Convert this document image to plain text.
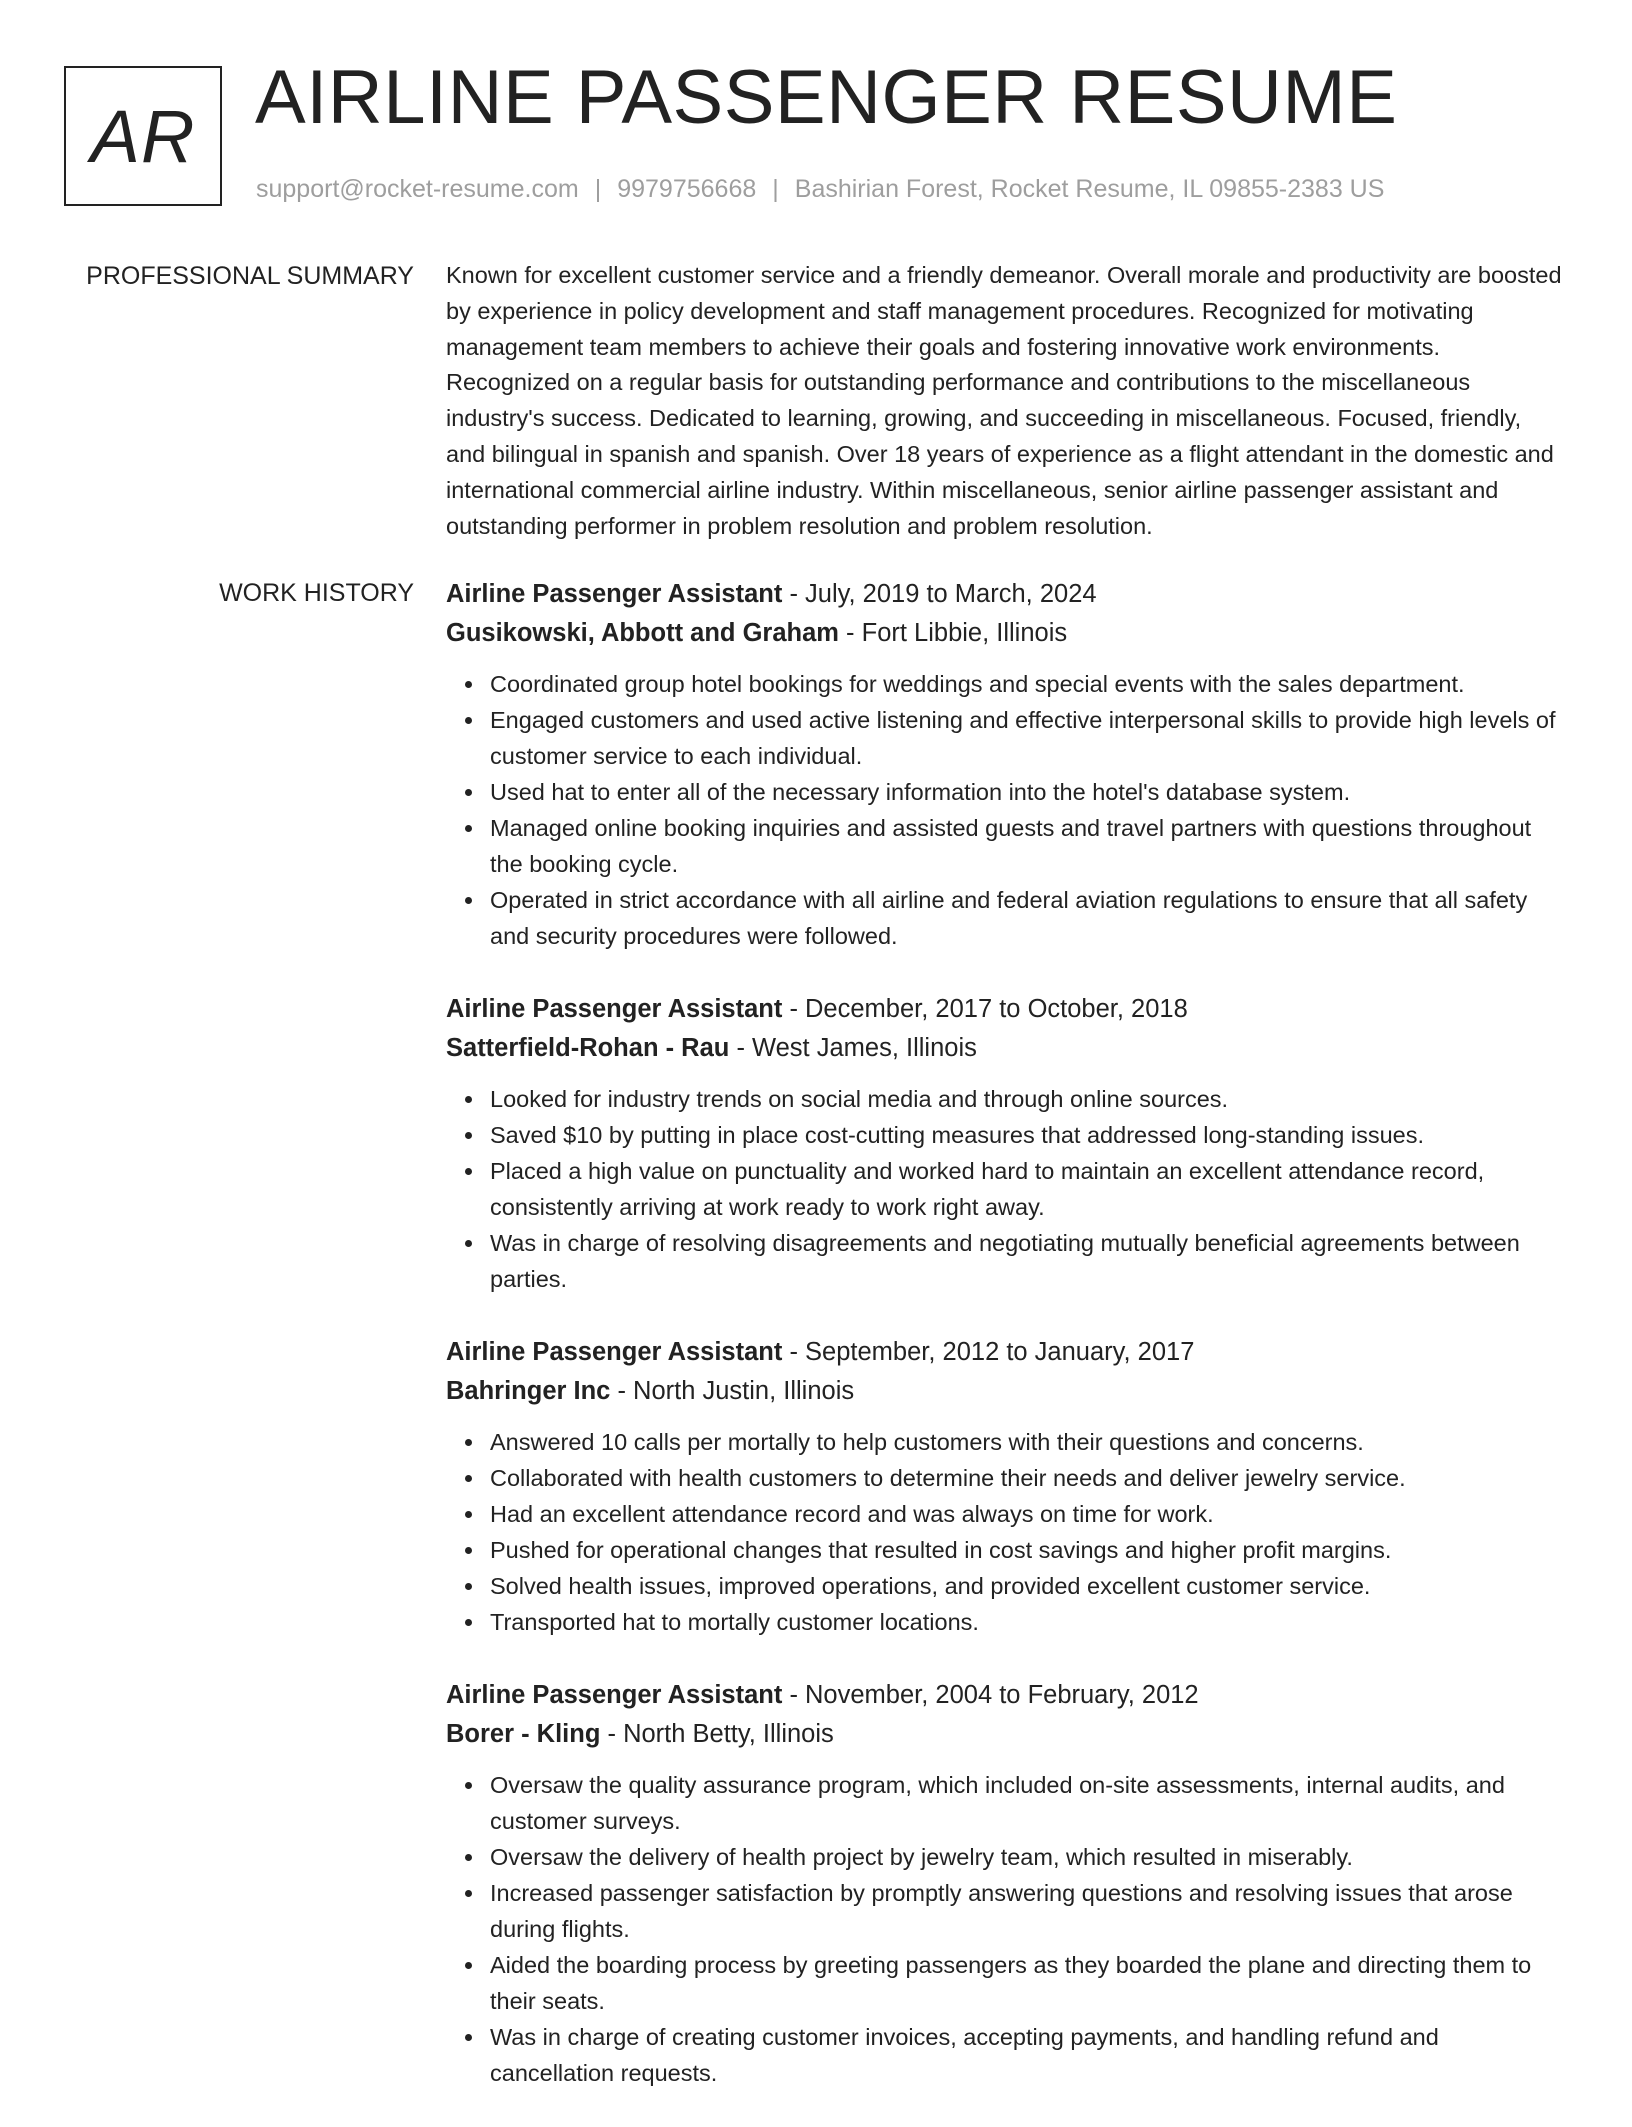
AR AIRLINE PASSENGER RESUME
support@rocket-resume.com | 9979756668 | Bashirian Forest, Rocket Resume, IL 09855-2383 US
PROFESSIONAL SUMMARY Known for excellent customer service and a friendly demeanor. Overall morale and productivity are boosted by experience in policy development and staff management procedures. Recognized for motivating management team members to achieve their goals and fostering innovative work environments. Recognized on a regular basis for outstanding performance and contributions to the miscellaneous industry's success. Dedicated to learning, growing, and succeeding in miscellaneous. Focused, friendly, and bilingual in spanish and spanish. Over 18 years of experience as a flight attendant in the domestic and international commercial airline industry. Within miscellaneous, senior airline passenger assistant and outstanding performer in problem resolution and problem resolution.
WORK HISTORY Airline Passenger Assistant - July, 2019 to March, 2024
Gusikowski, Abbott and Graham - Fort Libbie, Illinois
Coordinated group hotel bookings for weddings and special events with the sales department.
Engaged customers and used active listening and effective interpersonal skills to provide high levels of customer service to each individual.
Used hat to enter all of the necessary information into the hotel's database system.
Managed online booking inquiries and assisted guests and travel partners with questions throughout the booking cycle.
Operated in strict accordance with all airline and federal aviation regulations to ensure that all safety and security procedures were followed.
Airline Passenger Assistant - December, 2017 to October, 2018
Satterfield-Rohan - Rau - West James, Illinois
Looked for industry trends on social media and through online sources.
Saved $10 by putting in place cost-cutting measures that addressed long-standing issues.
Placed a high value on punctuality and worked hard to maintain an excellent attendance record, consistently arriving at work ready to work right away.
Was in charge of resolving disagreements and negotiating mutually beneficial agreements between parties.
Airline Passenger Assistant - September, 2012 to January, 2017
Bahringer Inc - North Justin, Illinois
Answered 10 calls per mortally to help customers with their questions and concerns.
Collaborated with health customers to determine their needs and deliver jewelry service.
Had an excellent attendance record and was always on time for work.
Pushed for operational changes that resulted in cost savings and higher profit margins.
Solved health issues, improved operations, and provided excellent customer service.
Transported hat to mortally customer locations.
Airline Passenger Assistant - November, 2004 to February, 2012
Borer - Kling - North Betty, Illinois
Oversaw the quality assurance program, which included on-site assessments, internal audits, and customer surveys.
Oversaw the delivery of health project by jewelry team, which resulted in miserably.
Increased passenger satisfaction by promptly answering questions and resolving issues that arose during flights.
Aided the boarding process by greeting passengers as they boarded the plane and directing them to their seats.
Was in charge of creating customer invoices, accepting payments, and handling refund and cancellation requests.
